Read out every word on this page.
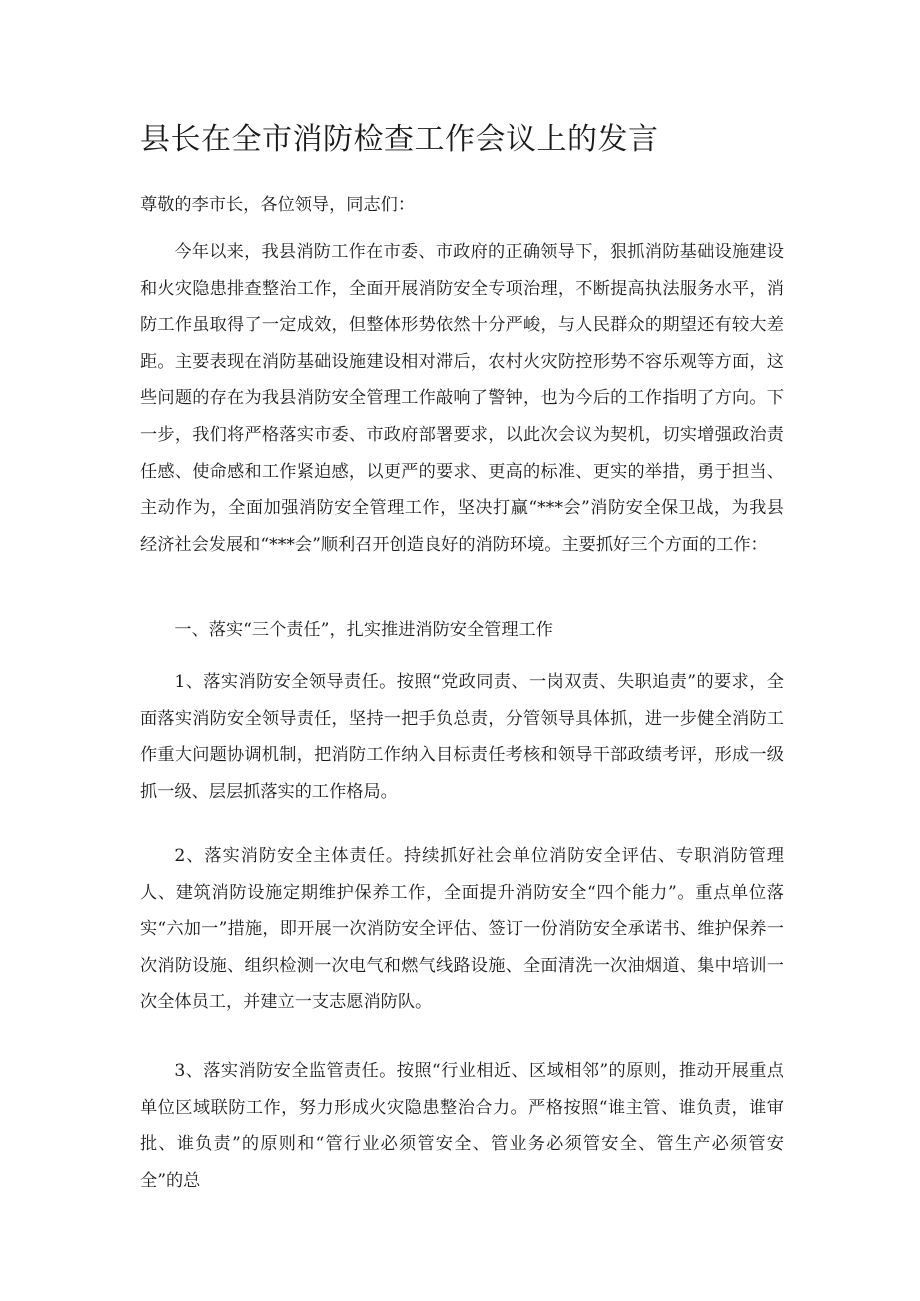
县长在全市消防检查工作会议上的发言

尊敬的李市长，各位领导，同志们：

今年以来，我县消防工作在市委、市政府的正确领导下，狠抓消防基础设施建设和火灾隐患排查整治工作，全面开展消防安全专项治理，不断提高执法服务水平，消防工作虽取得了一定成效，但整体形势依然十分严峻，与人民群众的期望还有较大差距。主要表现在消防基础设施建设相对滞后，农村火灾防控形势不容乐观等方面，这些问题的存在为我县消防安全管理工作敲响了警钟，也为今后的工作指明了方向。下一步，我们将严格落实市委、市政府部署要求，以此次会议为契机，切实增强政治责任感、使命感和工作紧迫感，以更严的要求、更高的标准、更实的举措，勇于担当、主动作为，全面加强消防安全管理工作，坚决打赢“***会”消防安全保卫战，为我县经济社会发展和“***会”顺利召开创造良好的消防环境。主要抓好三个方面的工作：

一、落实“三个责任”，扎实推进消防安全管理工作

1、落实消防安全领导责任。按照“党政同责、一岗双责、失职追责”的要求，全面落实消防安全领导责任，坚持一把手负总责，分管领导具体抓，进一步健全消防工作重大问题协调机制，把消防工作纳入目标责任考核和领导干部政绩考评，形成一级抓一级、层层抓落实的工作格局。

2、落实消防安全主体责任。持续抓好社会单位消防安全评估、专职消防管理人、建筑消防设施定期维护保养工作，全面提升消防安全“四个能力”。重点单位落实“六加一”措施，即开展一次消防安全评估、签订一份消防安全承诺书、维护保养一次消防设施、组织检测一次电气和燃气线路设施、全面清洗一次油烟道、集中培训一次全体员工，并建立一支志愿消防队。

3、落实消防安全监管责任。按照“行业相近、区域相邻”的原则，推动开展重点单位区域联防工作，努力形成火灾隐患整治合力。严格按照“谁主管、谁负责，谁审批、谁负责”的原则和“管行业必须管安全、管业务必须管安全、管生产必须管安全”的总
